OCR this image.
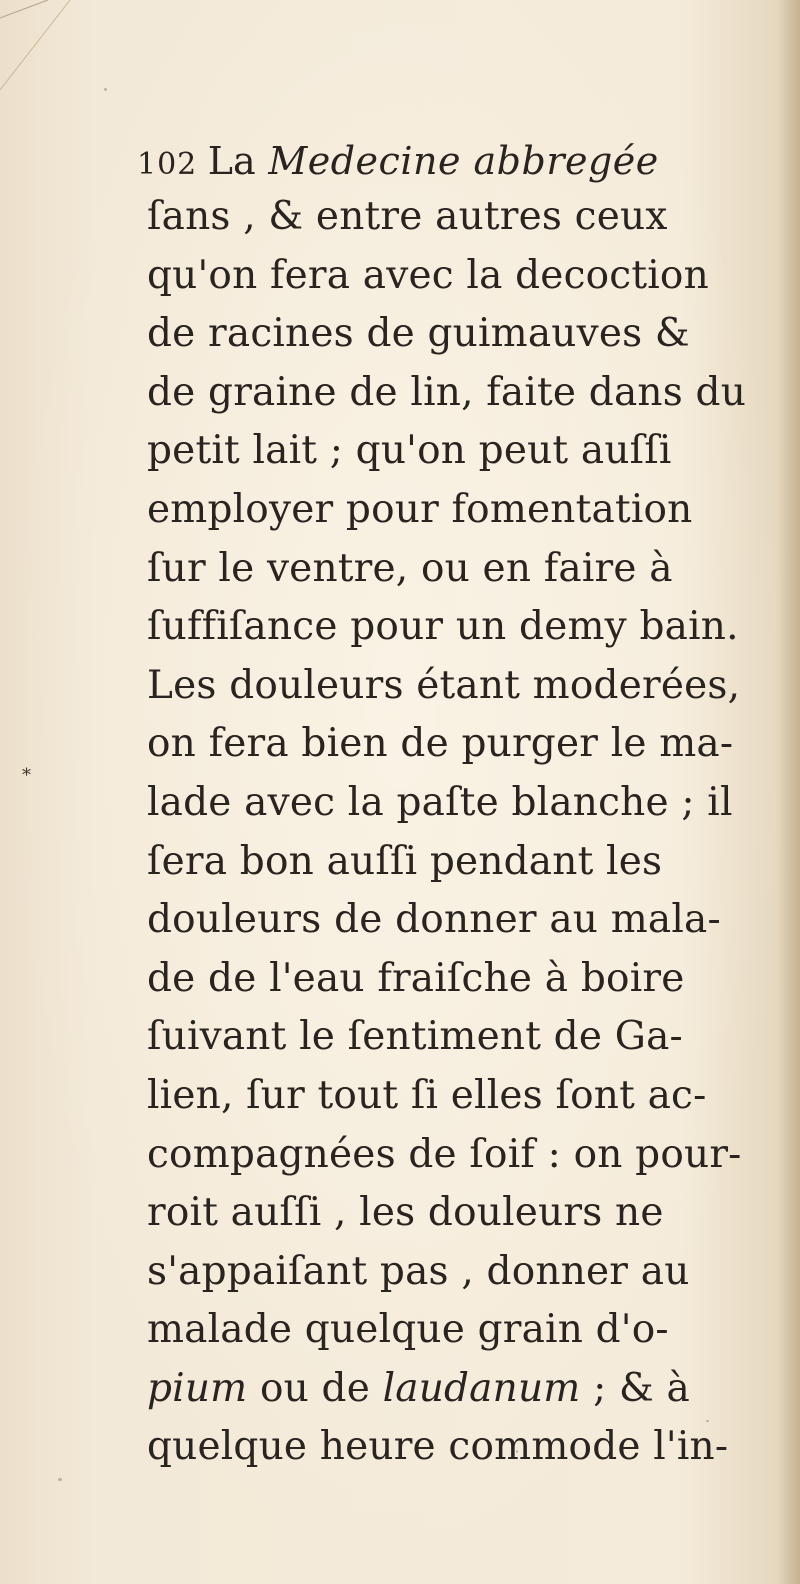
102 La Medecine abbregée
ſans , & entre autres ceux
qu'on fera avec la decoction
de racines de guimauves &
de graine de lin, faite dans du
petit lait ; qu'on peut auſſi
employer pour fomentation
ſur le ventre, ou en faire à
ſuffiſance pour un demy bain.
Les douleurs étant moderées,
on fera bien de purger le ma-
lade avec la paſte blanche ; il
ſera bon auſſi pendant les
douleurs de donner au mala-
de de l'eau fraiſche à boire
ſuivant le ſentiment de Ga-
lien, ſur tout ſi elles ſont ac-
compagnées de ſoif : on pour-
roit auſſi , les douleurs ne
s'appaiſant pas , donner au
malade quelque grain d'o-
pium ou de laudanum ; & à
quelque heure commode l'in-
*
